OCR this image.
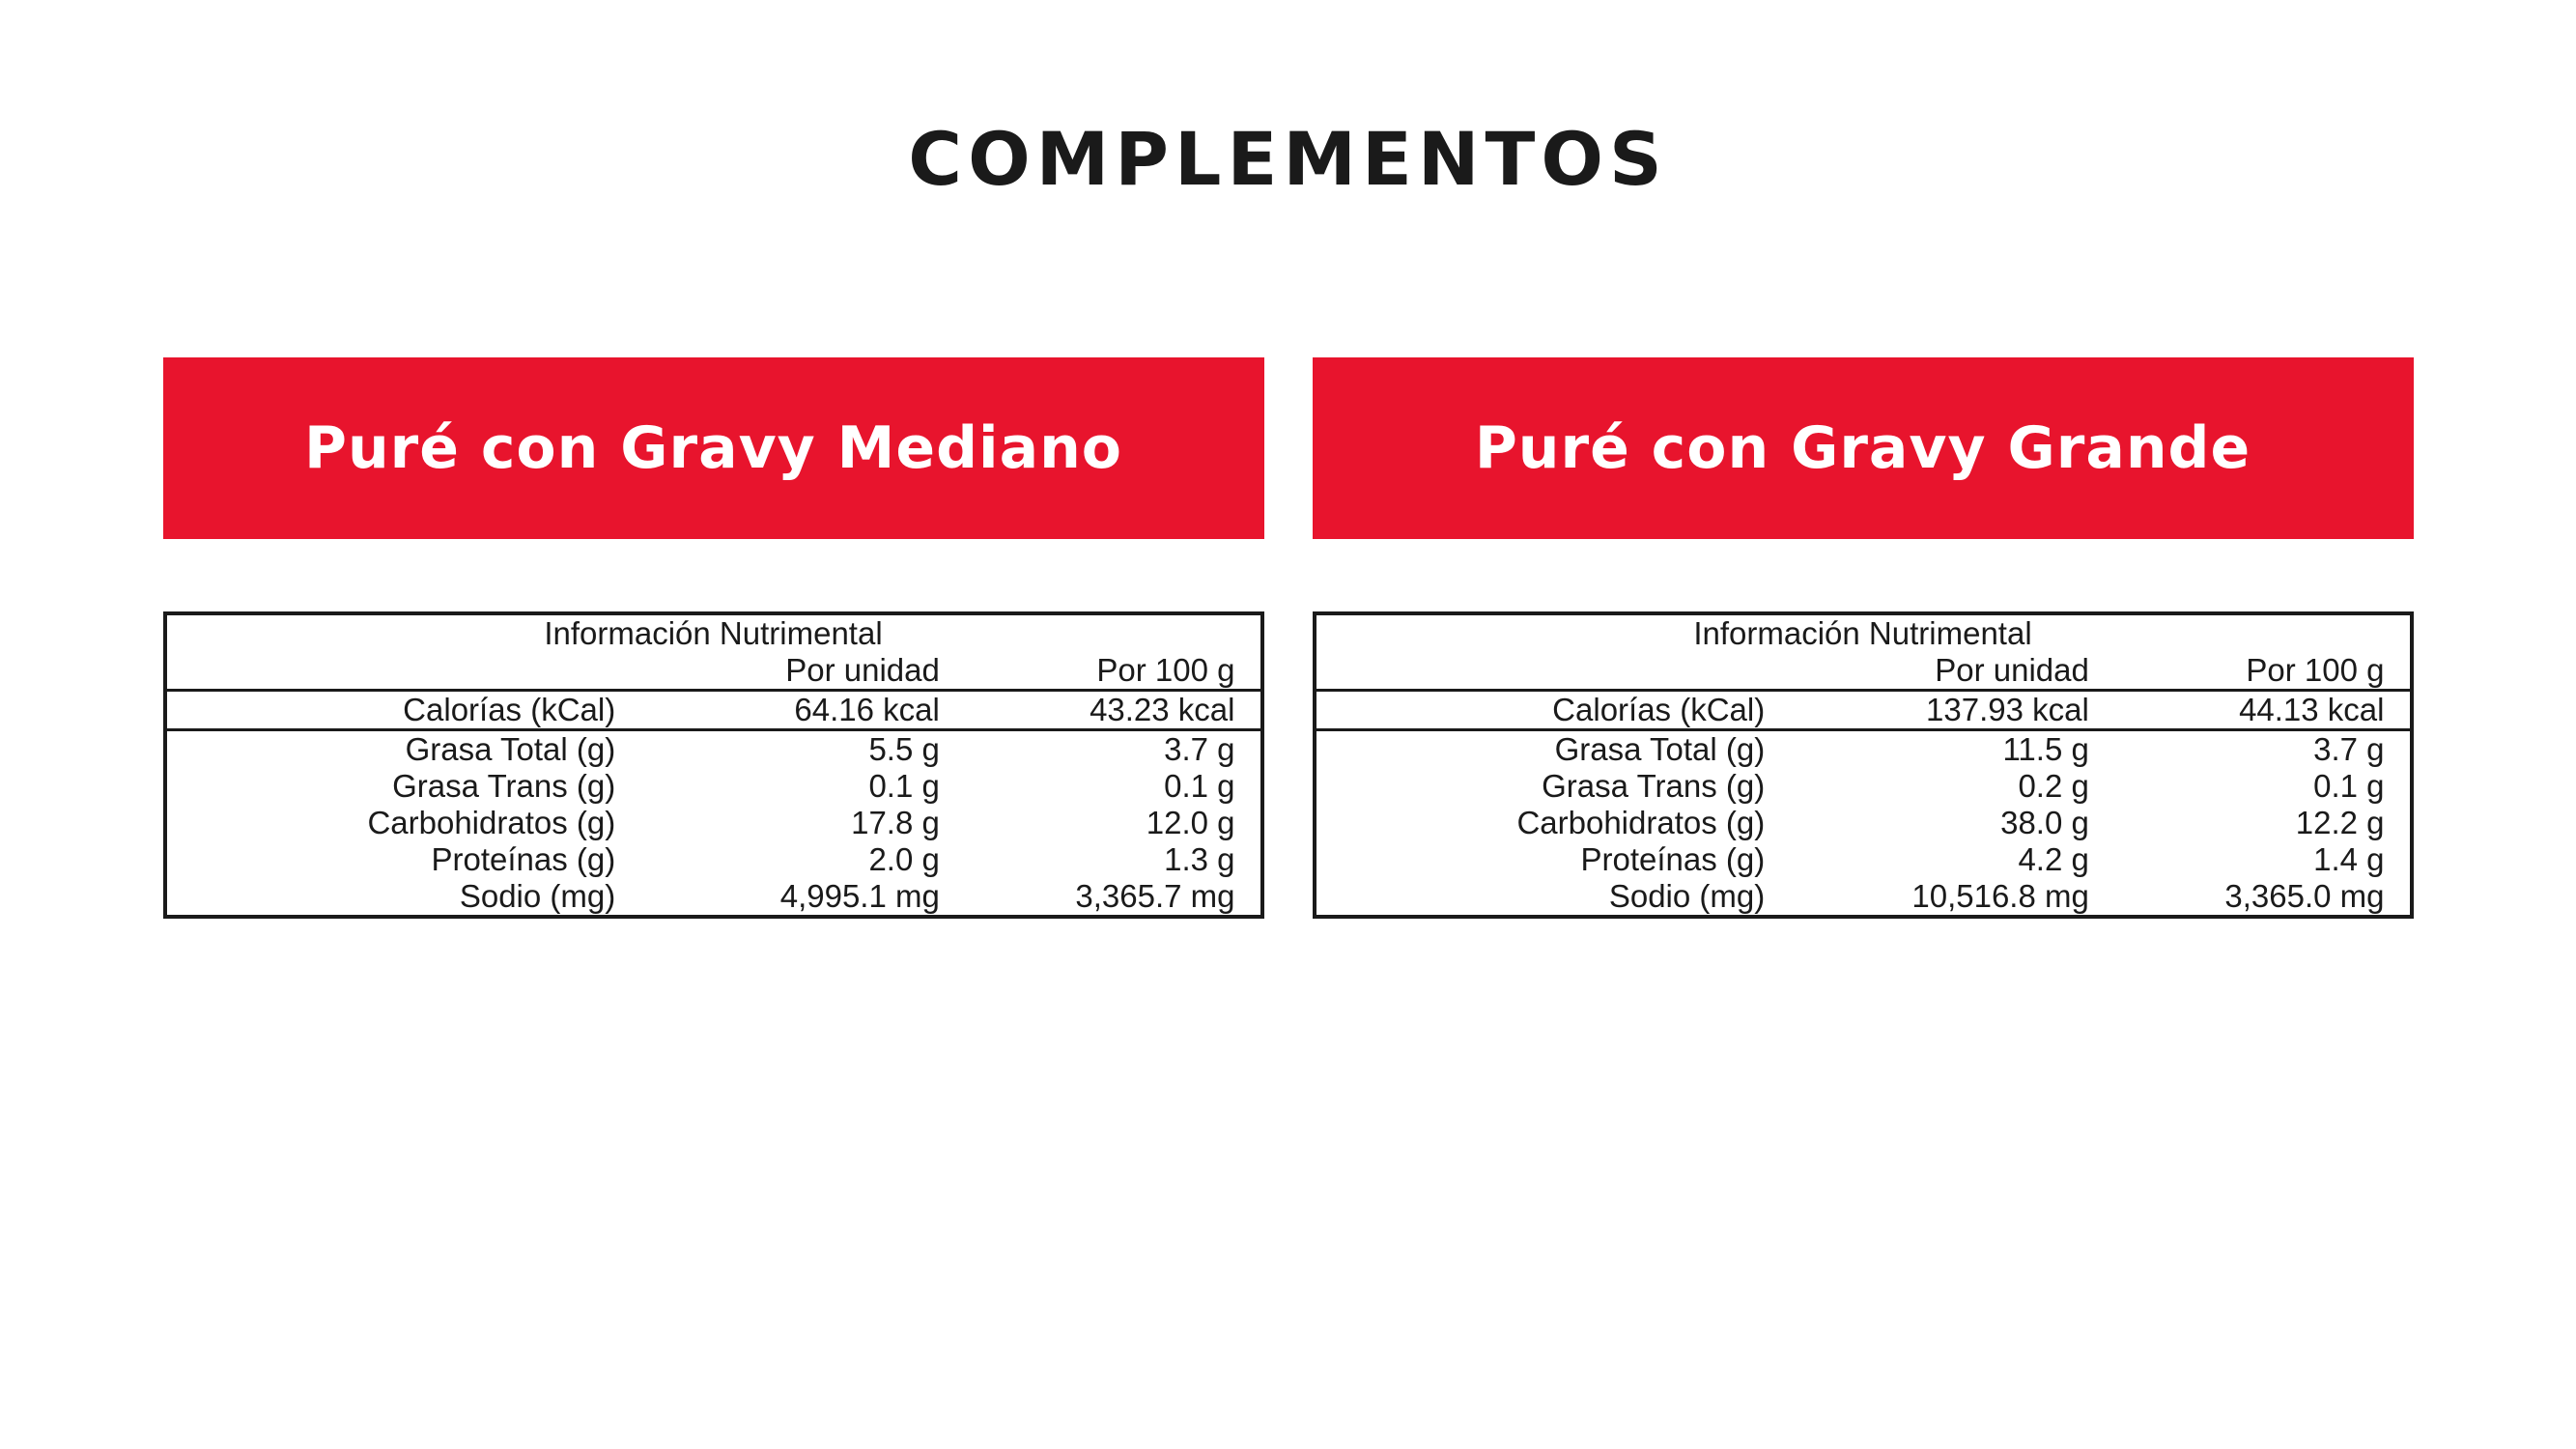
COMPLEMENTOS
Puré con Gravy Mediano
Información Nutrimental		
	Por unidad	Por 100 g
Calorías (kCal)	64.16 kcal	43.23 kcal
Grasa Total (g)	5.5 g	3.7 g
Grasa Trans (g)	0.1 g	0.1 g
Carbohidratos (g)	17.8 g	12.0 g
Proteínas (g)	2.0 g	1.3 g
Sodio (mg)	4,995.1 mg	3,365.7 mg
Puré con Gravy Grande
Información Nutrimental		
	Por unidad	Por 100 g
Calorías (kCal)	137.93 kcal	44.13 kcal
Grasa Total (g)	11.5 g	3.7 g
Grasa Trans (g)	0.2 g	0.1 g
Carbohidratos (g)	38.0 g	12.2 g
Proteínas (g)	4.2 g	1.4 g
Sodio (mg)	10,516.8 mg	3,365.0 mg
